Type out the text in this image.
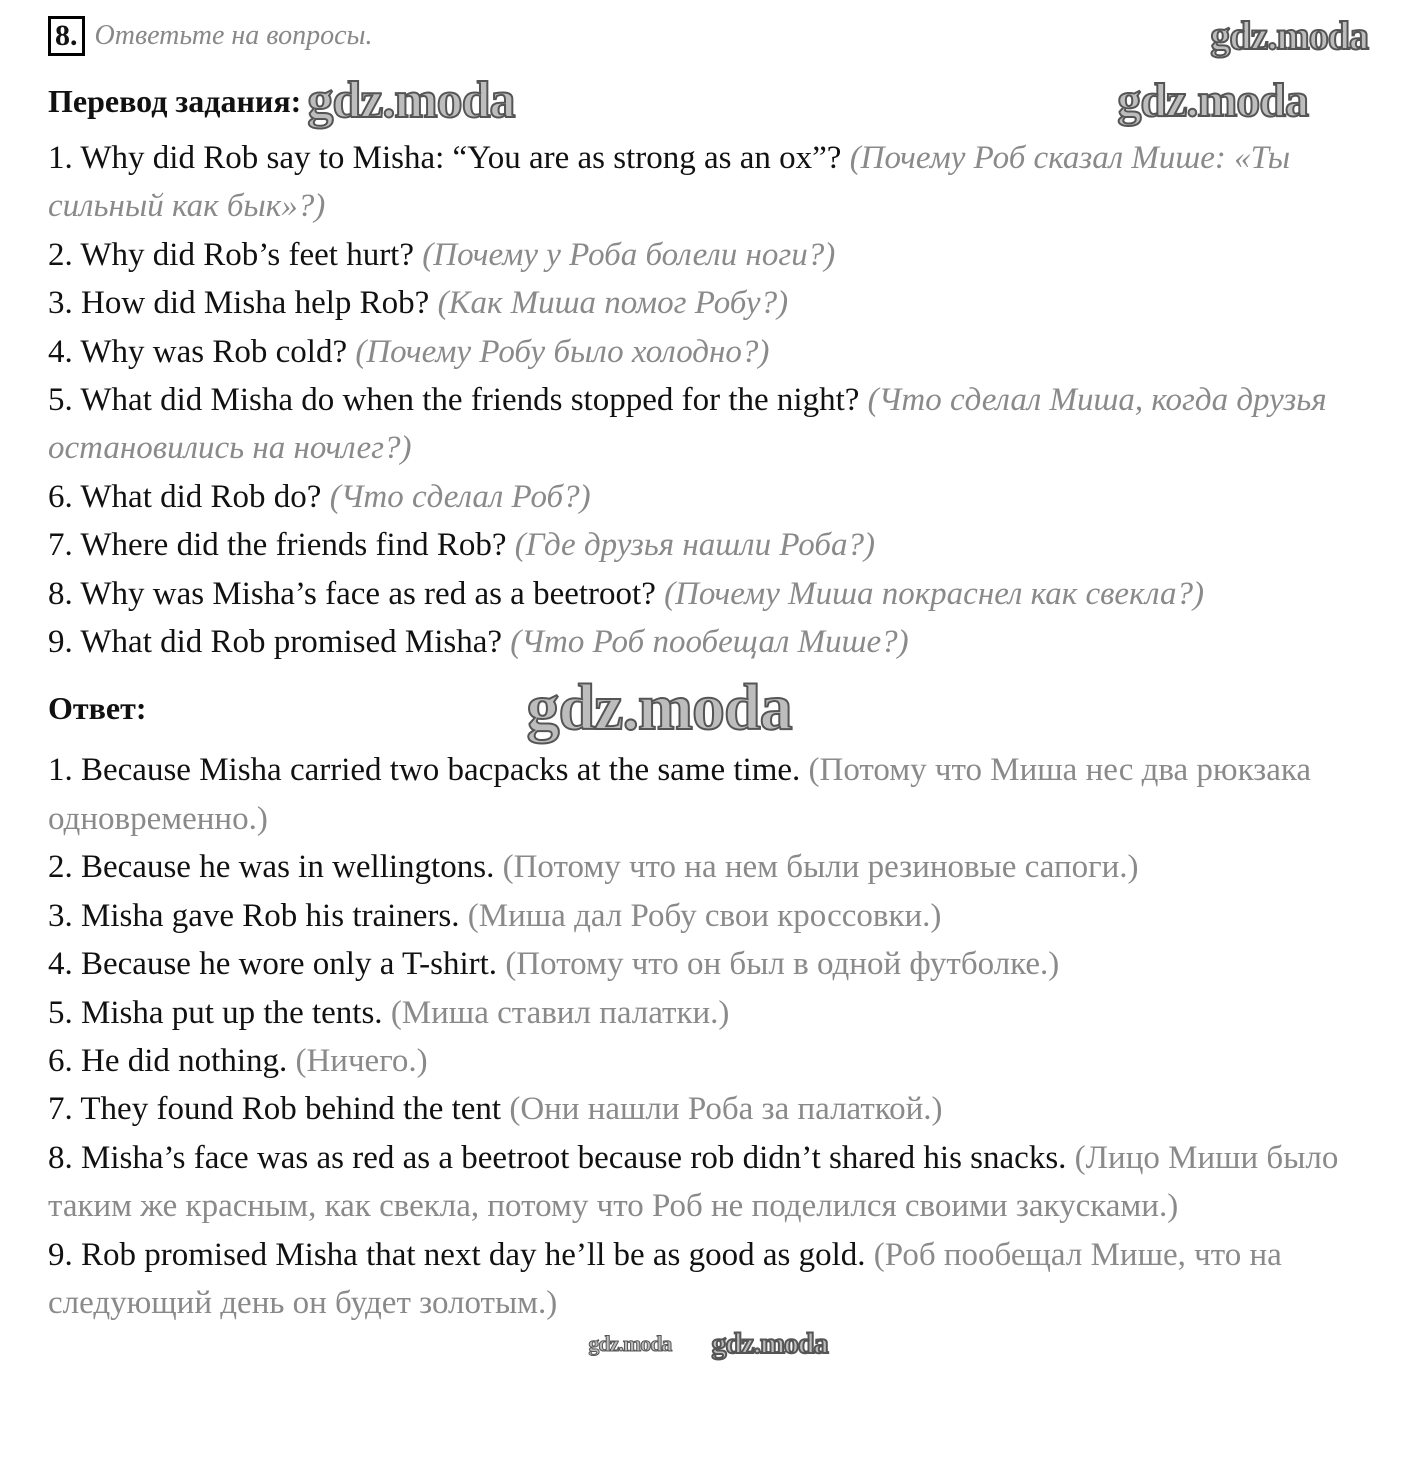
8. Ответьте на вопросы.	gdz.moda
Перевод задания: gdz.moda	gdz.moda

1. Why did Rob say to Misha: “You are as strong as an ox”? (Почему Роб сказал Мише: «Ты сильный как бык»?)

2. Why did Rob’s feet hurt? (Почему у Роба болели ноги?)

3. How did Misha help Rob? (Как Миша помог Робу?)

4. Why was Rob cold? (Почему Робу было холодно?)

5. What did Misha do when the friends stopped for the night? (Что сделал Миша, когда друзья остановились на ночлег?)

6. What did Rob do? (Что сделал Роб?)

7. Where did the friends find Rob? (Где друзья нашли Роба?)

8. Why was Misha’s face as red as a beetroot? (Почему Миша покраснел как свекла?)

9. What did Rob promised Misha? (Что Роб пообещал Мише?)

Ответ:	gdz.moda

1. Because Misha carried two bacpacks at the same time. (Потому что Миша нес два рюкзака одновременно.)

2. Because he was in wellingtons. (Потому что на нем были резиновые сапоги.)

3. Misha gave Rob his trainers. (Миша дал Робу свои кроссовки.)

4. Because he wore only a T-shirt. (Потому что он был в одной футболке.)

5. Misha put up the tents. (Миша ставил палатки.)

6. He did nothing. (Ничего.)

7. They found Rob behind the tent (Они нашли Роба за палаткой.)

8. Misha’s face was as red as a beetroot because rob didn’t shared his snacks. (Лицо Миши было таким же красным, как свекла, потому что Роб не поделился своими закусками.)

9. Rob promised Misha that next day he’ll be as good as gold. (Роб пообещал Мише, что на следующий день он будет золотым.)

gdz.moda gdz.moda
